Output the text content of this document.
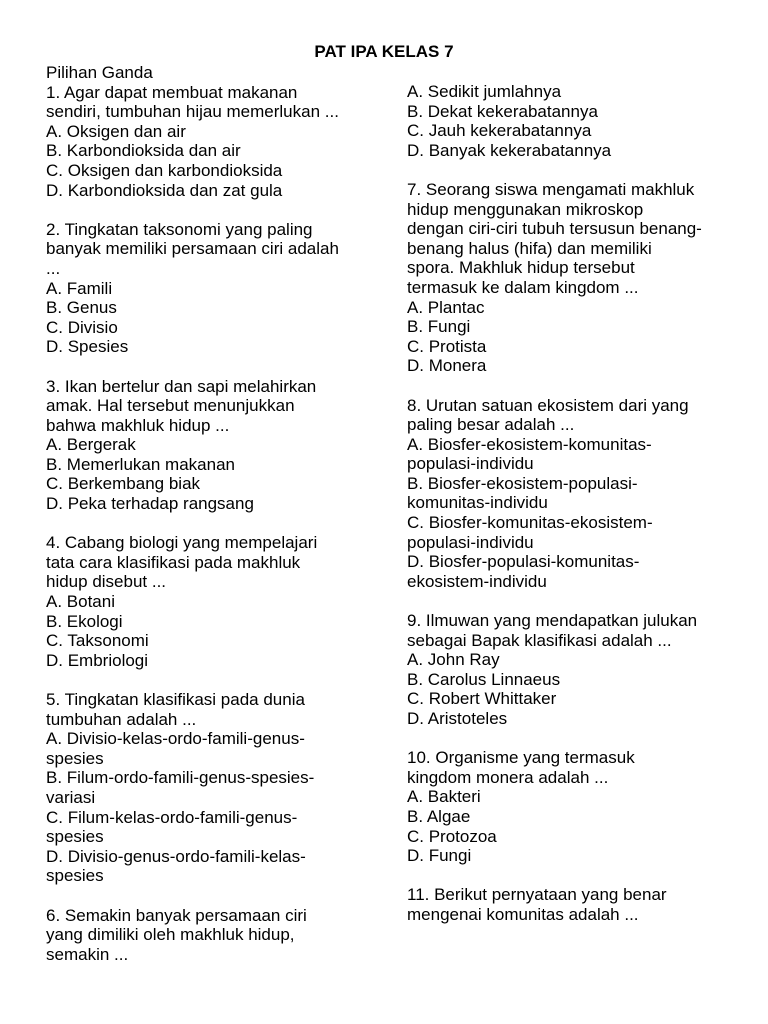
PAT IPA KELAS 7
Pilihan Ganda
1. Agar dapat membuat makanan
sendiri, tumbuhan hijau memerlukan ...
A. Oksigen dan air
B. Karbondioksida dan air
C. Oksigen dan karbondioksida
D. Karbondioksida dan zat gula
2. Tingkatan taksonomi yang paling
banyak memiliki persamaan ciri adalah
...
A. Famili
B. Genus
C. Divisio
D. Spesies
3. Ikan bertelur dan sapi melahirkan
amak. Hal tersebut menunjukkan
bahwa makhluk hidup ...
A. Bergerak
B. Memerlukan makanan
C. Berkembang biak
D. Peka terhadap rangsang
4. Cabang biologi yang mempelajari
tata cara klasifikasi pada makhluk
hidup disebut ...
A. Botani
B. Ekologi
C. Taksonomi
D. Embriologi
5. Tingkatan klasifikasi pada dunia
tumbuhan adalah ...
A. Divisio-kelas-ordo-famili-genus-
spesies
B. Filum-ordo-famili-genus-spesies-
variasi
C. Filum-kelas-ordo-famili-genus-
spesies
D. Divisio-genus-ordo-famili-kelas-
spesies
6. Semakin banyak persamaan ciri
yang dimiliki oleh makhluk hidup,
semakin ...
A. Sedikit jumlahnya
B. Dekat kekerabatannya
C. Jauh kekerabatannya
D. Banyak kekerabatannya
7. Seorang siswa mengamati makhluk
hidup menggunakan mikroskop
dengan ciri-ciri tubuh tersusun benang-
benang halus (hifa) dan memiliki
spora. Makhluk hidup tersebut
termasuk ke dalam kingdom ...
A. Plantac
B. Fungi
C. Protista
D. Monera
8. Urutan satuan ekosistem dari yang
paling besar adalah ...
A. Biosfer-ekosistem-komunitas-
populasi-individu
B. Biosfer-ekosistem-populasi-
komunitas-individu
C. Biosfer-komunitas-ekosistem-
populasi-individu
D. Biosfer-populasi-komunitas-
ekosistem-individu
9. Ilmuwan yang mendapatkan julukan
sebagai Bapak klasifikasi adalah ...
A. John Ray
B. Carolus Linnaeus
C. Robert Whittaker
D. Aristoteles
10. Organisme yang termasuk
kingdom monera adalah ...
A. Bakteri
B. Algae
C. Protozoa
D. Fungi
11. Berikut pernyataan yang benar
mengenai komunitas adalah ...
